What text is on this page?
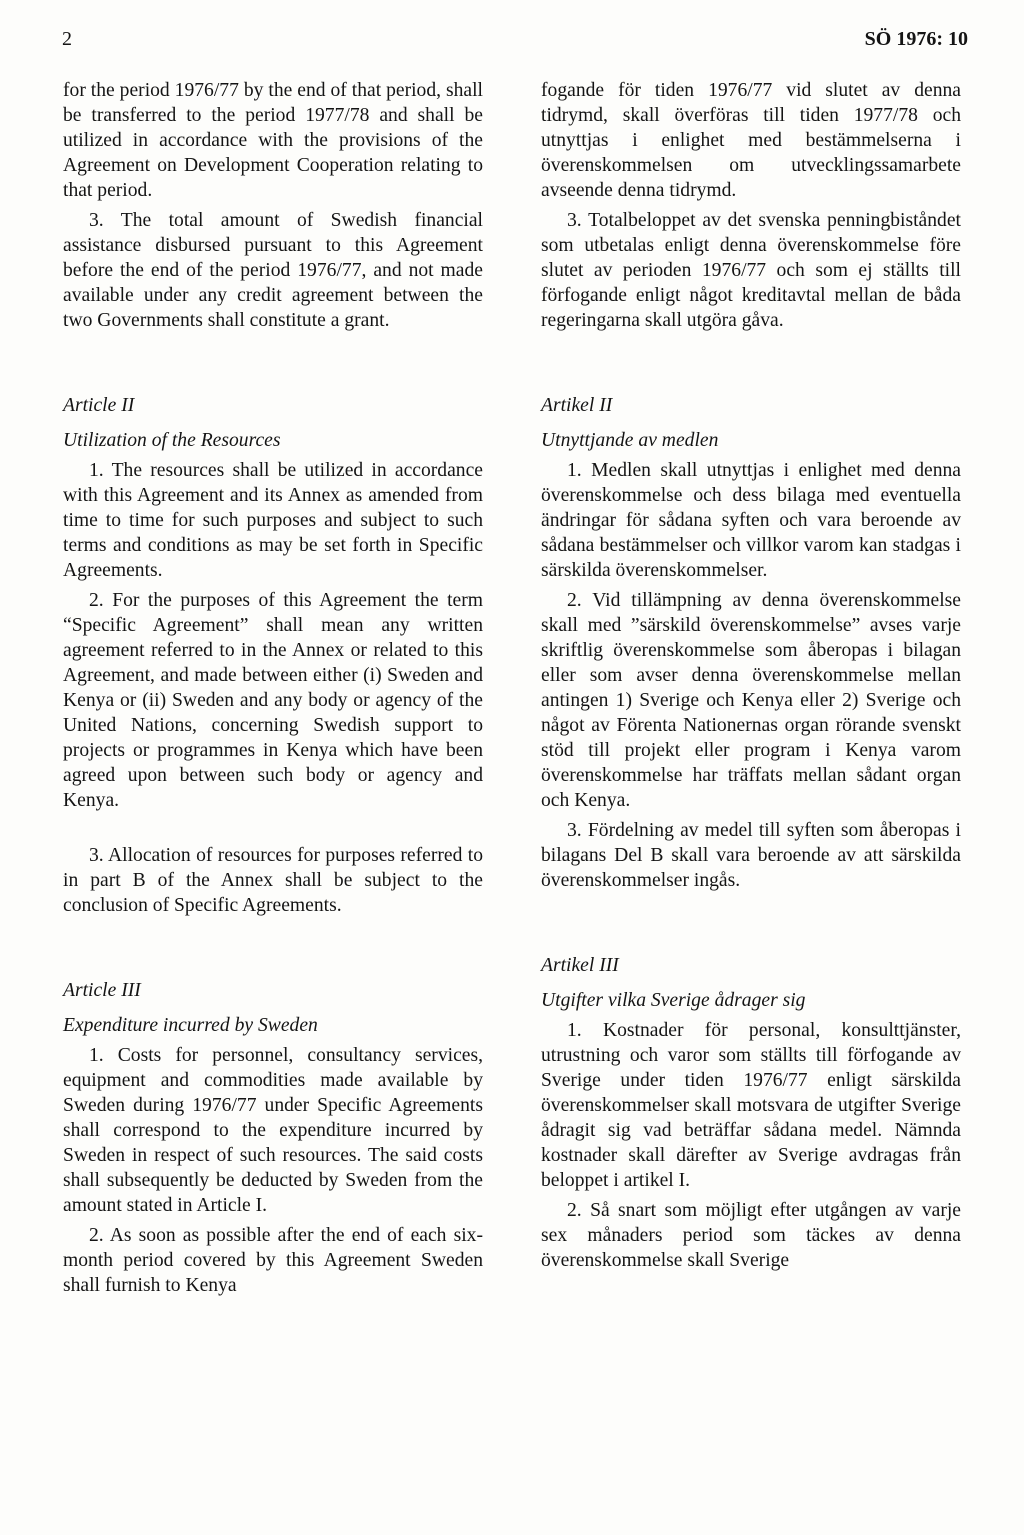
2	SÖ 1976: 10

for the period 1976/77 by the end of that period, shall be transferred to the period 1977/78 and shall be utilized in accordance with the provisions of the Agreement on Development Cooperation relating to that period.

3. The total amount of Swedish financial assistance disbursed pursuant to this Agreement before the end of the period 1976/77, and not made available under any credit agreement between the two Governments shall constitute a grant.

Article II
Utilization of the Resources

1. The resources shall be utilized in accordance with this Agreement and its Annex as amended from time to time for such purposes and subject to such terms and conditions as may be set forth in Specific Agreements.

2. For the purposes of this Agreement the term “Specific Agreement” shall mean any written agreement referred to in the Annex or related to this Agreement, and made between either (i) Sweden and Kenya or (ii) Sweden and any body or agency of the United Nations, concerning Swedish support to projects or programmes in Kenya which have been agreed upon between such body or agency and Kenya.

3. Allocation of resources for purposes referred to in part B of the Annex shall be subject to the conclusion of Specific Agreements.

Article III
Expenditure incurred by Sweden

1. Costs for personnel, consultancy services, equipment and commodities made available by Sweden during 1976/77 under Specific Agreements shall correspond to the expenditure incurred by Sweden in respect of such resources. The said costs shall subsequently be deducted by Sweden from the amount stated in Article I.

2. As soon as possible after the end of each six-month period covered by this Agreement Sweden shall furnish to Kenya

fogande för tiden 1976/77 vid slutet av denna tidrymd, skall överföras till tiden 1977/78 och utnyttjas i enlighet med bestämmelserna i överenskommelsen om utvecklingssamarbete avseende denna tidrymd.

3. Totalbeloppet av det svenska penningbiståndet som utbetalas enligt denna överenskommelse före slutet av perioden 1976/77 och som ej ställts till förfogande enligt något kreditavtal mellan de båda regeringarna skall utgöra gåva.

Artikel II
Utnyttjande av medlen

1. Medlen skall utnyttjas i enlighet med denna överenskommelse och dess bilaga med eventuella ändringar för sådana syften och vara beroende av sådana bestämmelser och villkor varom kan stadgas i särskilda överenskommelser.

2. Vid tillämpning av denna överenskommelse skall med ”särskild överenskommelse” avses varje skriftlig överenskommelse som åberopas i bilagan eller som avser denna överenskommelse mellan antingen 1) Sverige och Kenya eller 2) Sverige och något av Förenta Nationernas organ rörande svenskt stöd till projekt eller program i Kenya varom överenskommelse har träffats mellan sådant organ och Kenya.

3. Fördelning av medel till syften som åberopas i bilagans Del B skall vara beroende av att särskilda överenskommelser ingås.

Artikel III
Utgifter vilka Sverige ådrager sig

1. Kostnader för personal, konsulttjänster, utrustning och varor som ställts till förfogande av Sverige under tiden 1976/77 enligt särskilda överenskommelser skall motsvara de utgifter Sverige ådragit sig vad beträffar sådana medel. Nämnda kostnader skall därefter av Sverige avdragas från beloppet i artikel I.

2. Så snart som möjligt efter utgången av varje sex månaders period som täckes av denna överenskommelse skall Sverige
